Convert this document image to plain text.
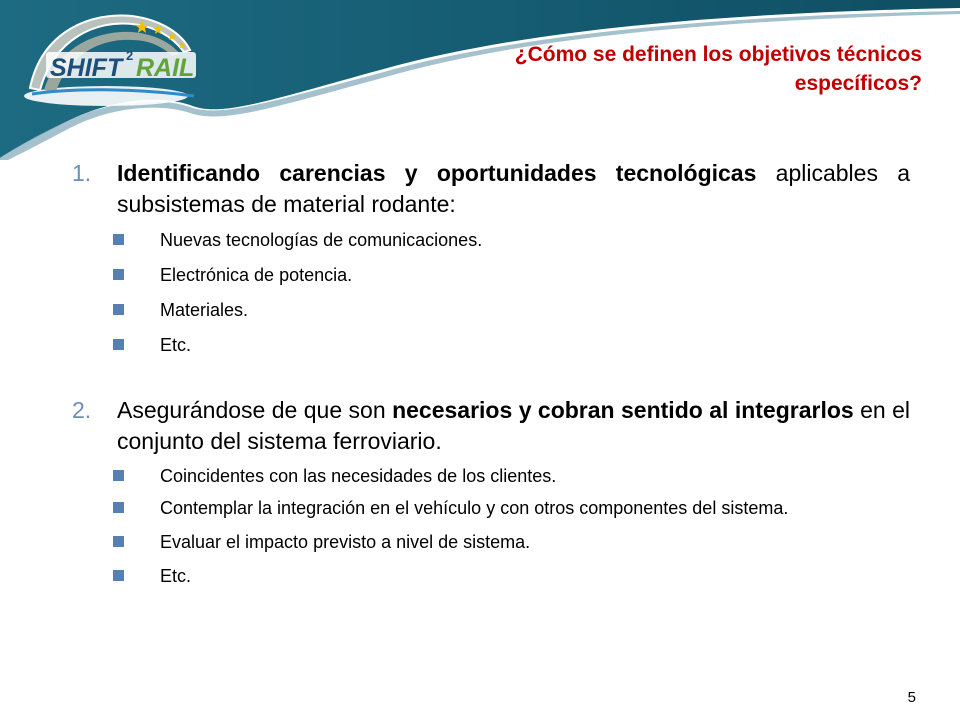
SHIFT 2 RAIL	¿Cómo se definen los objetivos técnicos
específicos?
1. Identificando carencias y oportunidades tecnológicas aplicables a subsistemas de material rodante:
Nuevas tecnologías de comunicaciones.
Electrónica de potencia.
Materiales.
Etc.
2. Asegurándose de que son necesarios y cobran sentido al integrarlos en el conjunto del sistema ferroviario.
Coincidentes con las necesidades de los clientes.
Contemplar la integración en el vehículo y con otros componentes del sistema.
Evaluar el impacto previsto a nivel de sistema.
Etc.
5
